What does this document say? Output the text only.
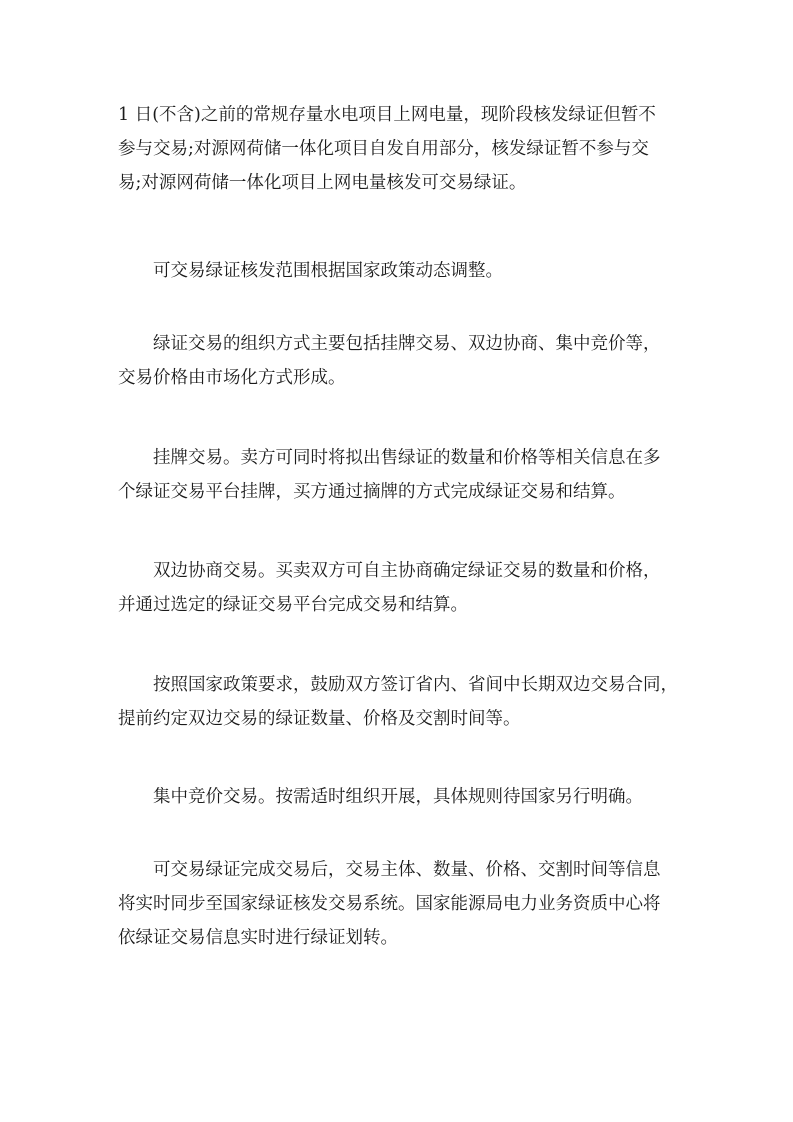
1 日(不含)之前的常规存量水电项目上网电量，现阶段核发绿证但暂不
参与交易;对源网荷储一体化项目自发自用部分，核发绿证暂不参与交
易;对源网荷储一体化项目上网电量核发可交易绿证。

可交易绿证核发范围根据国家政策动态调整。

绿证交易的组织方式主要包括挂牌交易、双边协商、集中竞价等，
交易价格由市场化方式形成。

挂牌交易。卖方可同时将拟出售绿证的数量和价格等相关信息在多
个绿证交易平台挂牌，买方通过摘牌的方式完成绿证交易和结算。

双边协商交易。买卖双方可自主协商确定绿证交易的数量和价格，
并通过选定的绿证交易平台完成交易和结算。

按照国家政策要求，鼓励双方签订省内、省间中长期双边交易合同，
提前约定双边交易的绿证数量、价格及交割时间等。

集中竞价交易。按需适时组织开展，具体规则待国家另行明确。

可交易绿证完成交易后，交易主体、数量、价格、交割时间等信息
将实时同步至国家绿证核发交易系统。国家能源局电力业务资质中心将
依绿证交易信息实时进行绿证划转。
